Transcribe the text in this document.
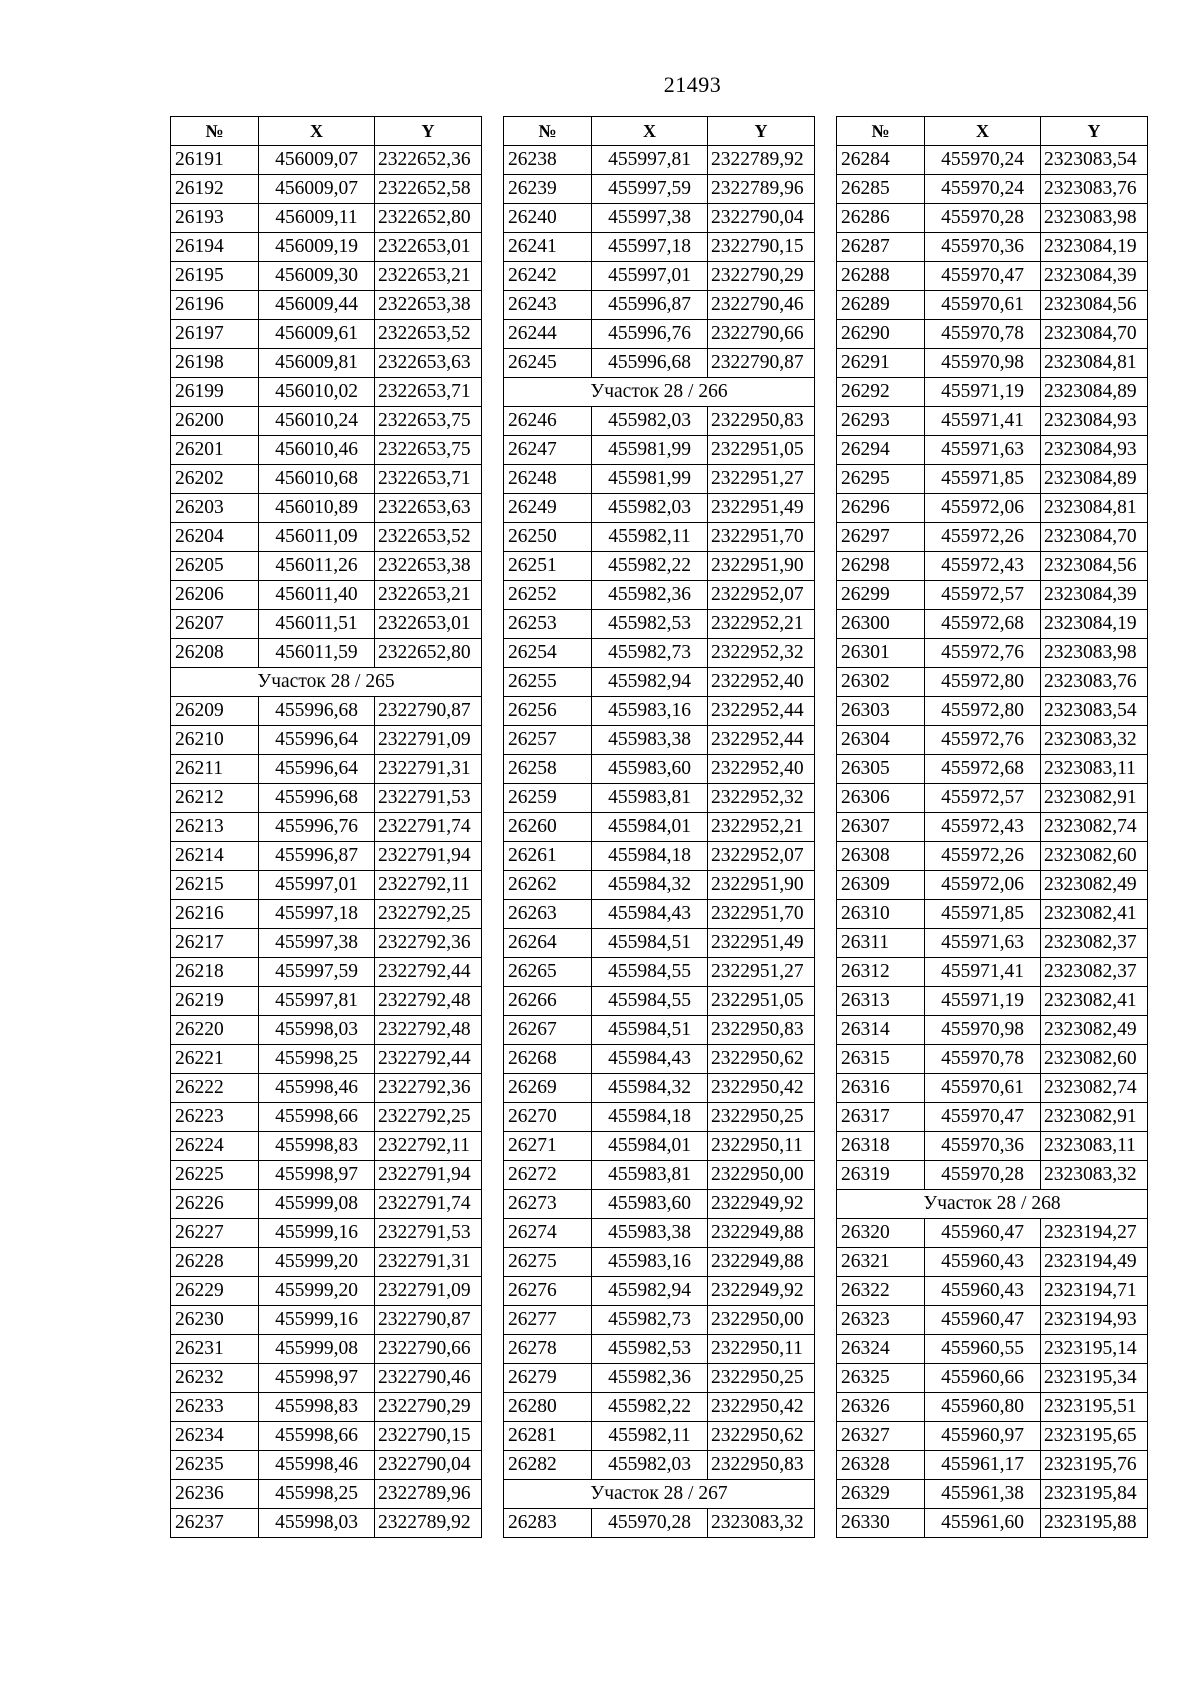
21493
№	X	Y
26191	456009,07	2322652,36
26192	456009,07	2322652,58
26193	456009,11	2322652,80
26194	456009,19	2322653,01
26195	456009,30	2322653,21
26196	456009,44	2322653,38
26197	456009,61	2322653,52
26198	456009,81	2322653,63
26199	456010,02	2322653,71
26200	456010,24	2322653,75
26201	456010,46	2322653,75
26202	456010,68	2322653,71
26203	456010,89	2322653,63
26204	456011,09	2322653,52
26205	456011,26	2322653,38
26206	456011,40	2322653,21
26207	456011,51	2322653,01
26208	456011,59	2322652,80
Участок 28 / 265		
26209	455996,68	2322790,87
26210	455996,64	2322791,09
26211	455996,64	2322791,31
26212	455996,68	2322791,53
26213	455996,76	2322791,74
26214	455996,87	2322791,94
26215	455997,01	2322792,11
26216	455997,18	2322792,25
26217	455997,38	2322792,36
26218	455997,59	2322792,44
26219	455997,81	2322792,48
26220	455998,03	2322792,48
26221	455998,25	2322792,44
26222	455998,46	2322792,36
26223	455998,66	2322792,25
26224	455998,83	2322792,11
26225	455998,97	2322791,94
26226	455999,08	2322791,74
26227	455999,16	2322791,53
26228	455999,20	2322791,31
26229	455999,20	2322791,09
26230	455999,16	2322790,87
26231	455999,08	2322790,66
26232	455998,97	2322790,46
26233	455998,83	2322790,29
26234	455998,66	2322790,15
26235	455998,46	2322790,04
26236	455998,25	2322789,96
26237	455998,03	2322789,92
№	X	Y
26238	455997,81	2322789,92
26239	455997,59	2322789,96
26240	455997,38	2322790,04
26241	455997,18	2322790,15
26242	455997,01	2322790,29
26243	455996,87	2322790,46
26244	455996,76	2322790,66
26245	455996,68	2322790,87
Участок 28 / 266		
26246	455982,03	2322950,83
26247	455981,99	2322951,05
26248	455981,99	2322951,27
26249	455982,03	2322951,49
26250	455982,11	2322951,70
26251	455982,22	2322951,90
26252	455982,36	2322952,07
26253	455982,53	2322952,21
26254	455982,73	2322952,32
26255	455982,94	2322952,40
26256	455983,16	2322952,44
26257	455983,38	2322952,44
26258	455983,60	2322952,40
26259	455983,81	2322952,32
26260	455984,01	2322952,21
26261	455984,18	2322952,07
26262	455984,32	2322951,90
26263	455984,43	2322951,70
26264	455984,51	2322951,49
26265	455984,55	2322951,27
26266	455984,55	2322951,05
26267	455984,51	2322950,83
26268	455984,43	2322950,62
26269	455984,32	2322950,42
26270	455984,18	2322950,25
26271	455984,01	2322950,11
26272	455983,81	2322950,00
26273	455983,60	2322949,92
26274	455983,38	2322949,88
26275	455983,16	2322949,88
26276	455982,94	2322949,92
26277	455982,73	2322950,00
26278	455982,53	2322950,11
26279	455982,36	2322950,25
26280	455982,22	2322950,42
26281	455982,11	2322950,62
26282	455982,03	2322950,83
Участок 28 / 267		
26283	455970,28	2323083,32
№	X	Y
26284	455970,24	2323083,54
26285	455970,24	2323083,76
26286	455970,28	2323083,98
26287	455970,36	2323084,19
26288	455970,47	2323084,39
26289	455970,61	2323084,56
26290	455970,78	2323084,70
26291	455970,98	2323084,81
26292	455971,19	2323084,89
26293	455971,41	2323084,93
26294	455971,63	2323084,93
26295	455971,85	2323084,89
26296	455972,06	2323084,81
26297	455972,26	2323084,70
26298	455972,43	2323084,56
26299	455972,57	2323084,39
26300	455972,68	2323084,19
26301	455972,76	2323083,98
26302	455972,80	2323083,76
26303	455972,80	2323083,54
26304	455972,76	2323083,32
26305	455972,68	2323083,11
26306	455972,57	2323082,91
26307	455972,43	2323082,74
26308	455972,26	2323082,60
26309	455972,06	2323082,49
26310	455971,85	2323082,41
26311	455971,63	2323082,37
26312	455971,41	2323082,37
26313	455971,19	2323082,41
26314	455970,98	2323082,49
26315	455970,78	2323082,60
26316	455970,61	2323082,74
26317	455970,47	2323082,91
26318	455970,36	2323083,11
26319	455970,28	2323083,32
Участок 28 / 268		
26320	455960,47	2323194,27
26321	455960,43	2323194,49
26322	455960,43	2323194,71
26323	455960,47	2323194,93
26324	455960,55	2323195,14
26325	455960,66	2323195,34
26326	455960,80	2323195,51
26327	455960,97	2323195,65
26328	455961,17	2323195,76
26329	455961,38	2323195,84
26330	455961,60	2323195,88
